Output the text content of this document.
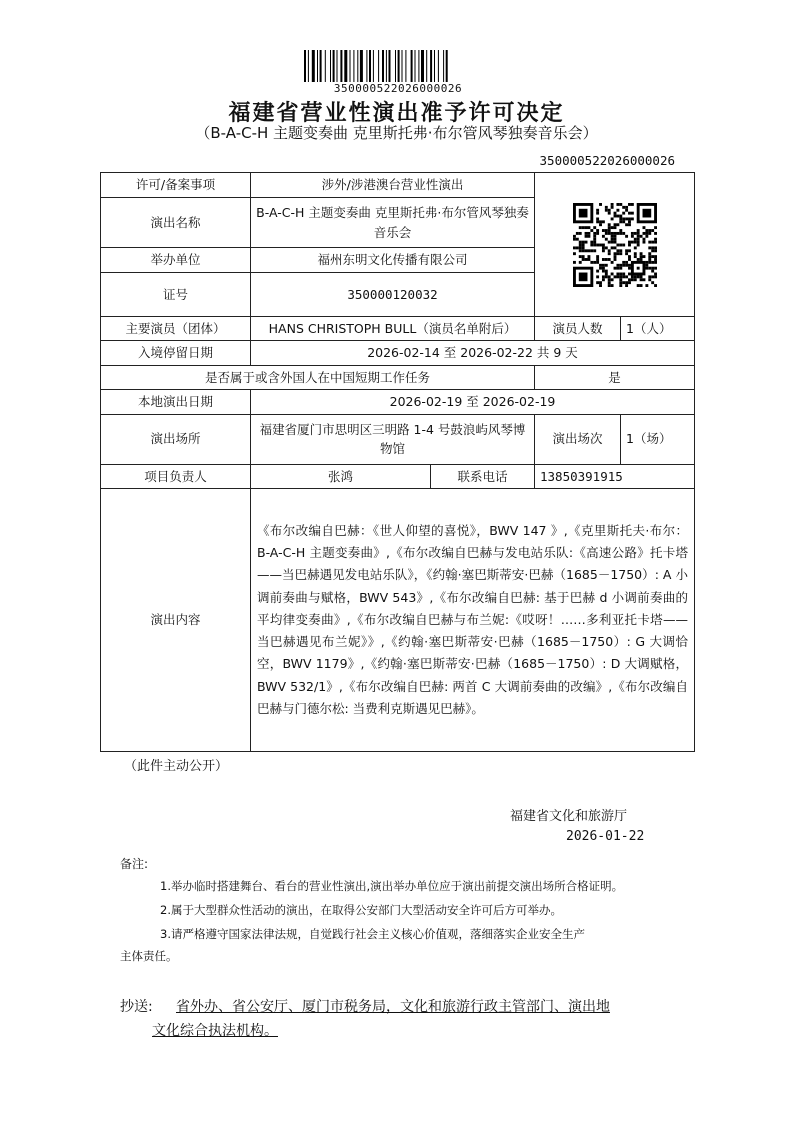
350000522026000026
福建省营业性演出准予许可决定
（B-A-C-H 主题变奏曲 克里斯托弗·布尔管风琴独奏音乐会）
350000522026000026
许可/备案事项	涉外/涉港澳台营业性演出	

演出名称	B-A-C-H 主题变奏曲 克里斯托弗·布尔管风琴独奏音乐会			
举办单位	福州东明文化传播有限公司			
证号	350000120032			
主要演员（团体）	HANS CHRISTOPH BULL（演员名单附后）		演员人数	1（人）
入境停留日期	2026-02-14 至 2026-02-22 共 9 天			
是否属于或含外国人在中国短期工作任务			是	
本地演出日期	2026-02-19 至 2026-02-19			
演出场所	福建省厦门市思明区三明路 1-4 号鼓浪屿风琴博物馆		演出场次	1（场）
项目负责人	张鸿	联系电话	13850391915	
演出内容	《布尔改编自巴赫：《世人仰望的喜悦》，BWV 147 》,《克里斯托夫·布尔：B-A-C-H 主题变奏曲》,《布尔改编自巴赫与发电站乐队:《高速公路》托卡塔——当巴赫遇见发电站乐队》，《约翰·塞巴斯蒂安·巴赫（1685－1750）: A 小调前奏曲与赋格，BWV 543》,《布尔改编自巴赫: 基于巴赫 d 小调前奏曲的平均律变奏曲》,《布尔改编自巴赫与布兰妮:《哎呀！……多利亚托卡塔——当巴赫遇见布兰妮》》,《约翰·塞巴斯蒂安·巴赫（1685－1750）: G 大调恰空，BWV 1179》,《约翰·塞巴斯蒂安·巴赫（1685－1750）: D 大调赋格，BWV 532/1》,《布尔改编自巴赫: 两首 C 大调前奏曲的改编》,《布尔改编自巴赫与门德尔松: 当费利克斯遇见巴赫》。			
（此件主动公开）
福建省文化和旅游厅
2026-01-22
备注:
1.举办临时搭建舞台、看台的营业性演出,演出举办单位应于演出前提交演出场所合格证明。
2.属于大型群众性活动的演出，在取得公安部门大型活动安全许可后方可举办。
3.请严格遵守国家法律法规，自觉践行社会主义核心价值观，落细落实企业安全生产
主体责任。
抄送: 省外办、省公安厅、厦门市税务局，文化和旅游行政主管部门、演出地
文化综合执法机构。
